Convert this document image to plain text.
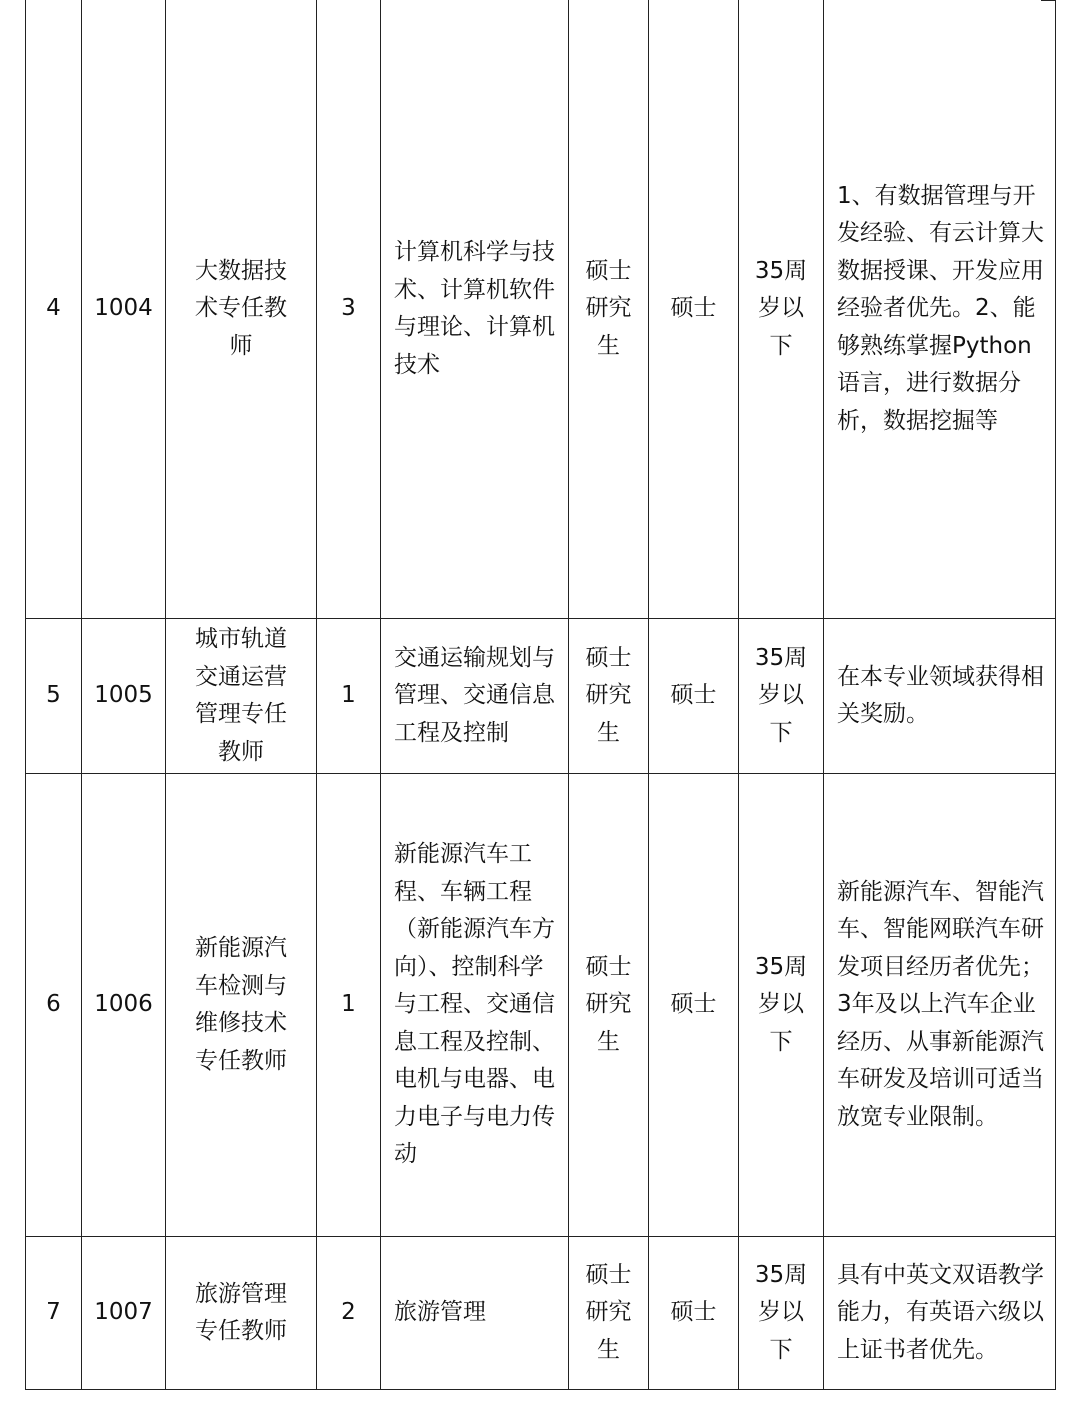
4	1004	大数据技术专任教师	3	计算机科学与技术、计算机软件与理论、计算机技术	硕士研究生	硕士	35周岁以下	1、有数据管理与开发经验、有云计算大数据授课、开发应用经验者优先。2、能够熟练掌握Python语言，进行数据分析，数据挖掘等

5	1005	城市轨道交通运营管理专任教师	1	交通运输规划与管理、交通信息工程及控制	硕士研究生	硕士	35周岁以下	在本专业领域获得相关奖励。

6	1006	新能源汽车检测与维修技术专任教师	1	新能源汽车工程、车辆工程（新能源汽车方向）、控制科学与工程、交通信息工程及控制、电机与电器、电力电子与电力传动	硕士研究生	硕士	35周岁以下	新能源汽车、智能汽车、智能网联汽车研发项目经历者优先；3年及以上汽车企业经历、从事新能源汽车研发及培训可适当放宽专业限制。

7	1007	旅游管理专任教师	2	旅游管理	硕士研究生	硕士	35周岁以下	具有中英文双语教学能力，有英语六级以上证书者优先。
